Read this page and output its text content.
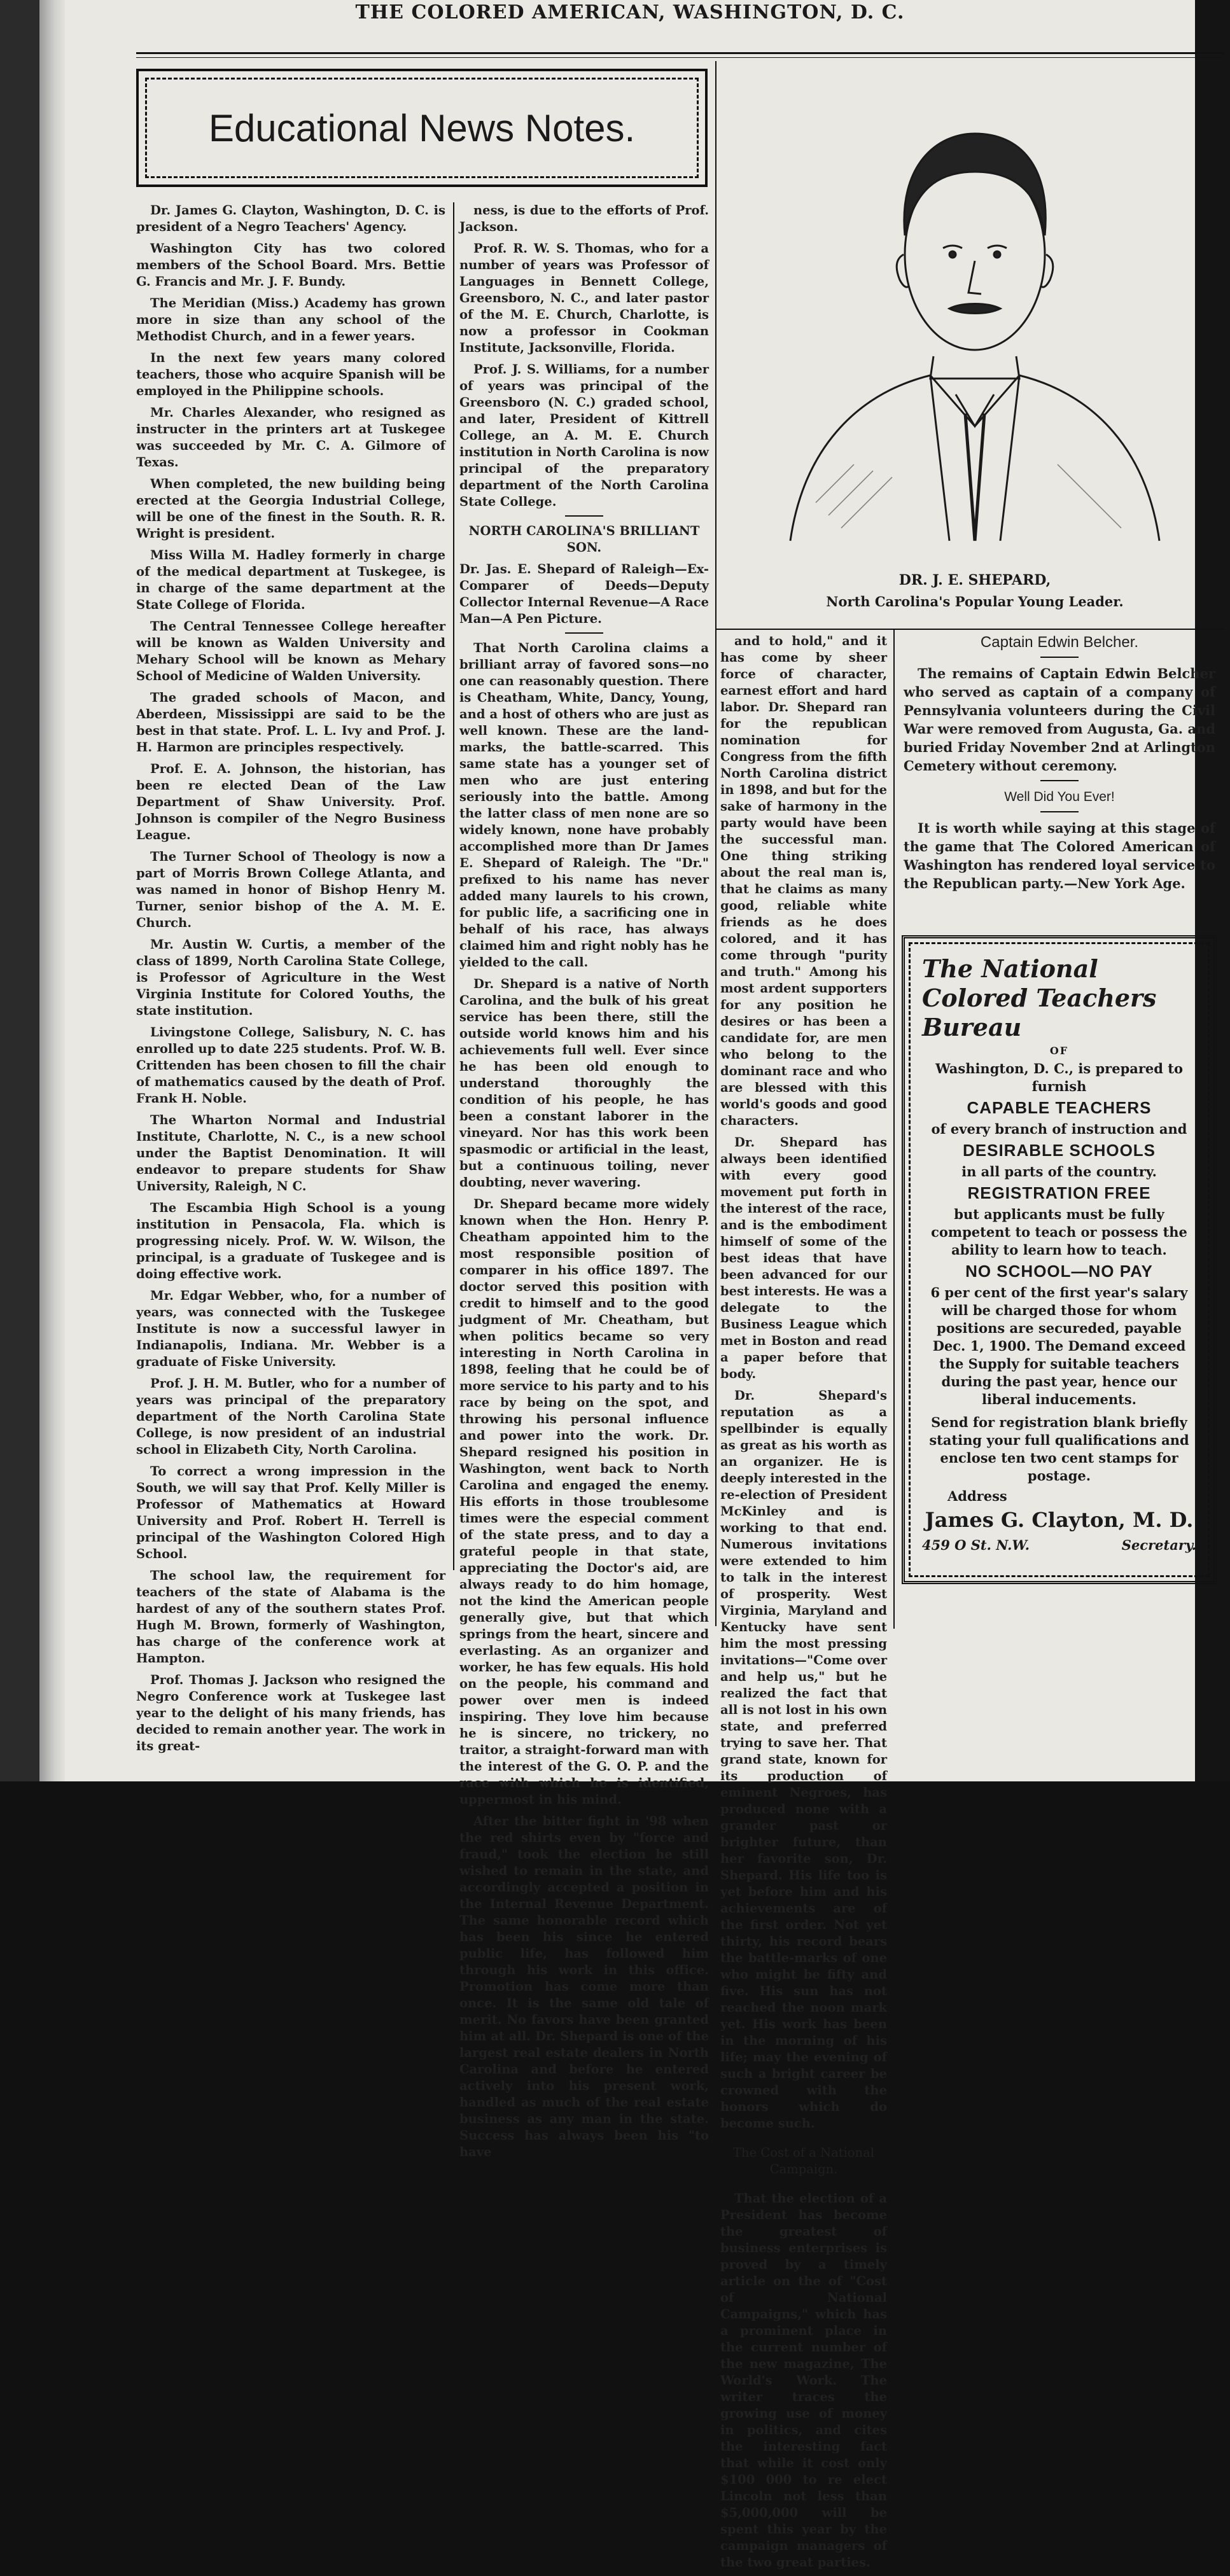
THE COLORED AMERICAN, WASHINGTON, D. C.
Educational News Notes.

Dr. James G. Clayton, Washington, D. C. is president of a Negro Teachers' Agency.

Washington City has two colored members of the School Board. Mrs. Bettie G. Francis and Mr. J. F. Bundy.

The Meridian (Miss.) Academy has grown more in size than any school of the Methodist Church, and in a fewer years.

In the next few years many colored teachers, those who acquire Spanish will be employed in the Philippine schools.

Mr. Charles Alexander, who resigned as instructer in the printers art at Tuskegee was succeeded by Mr. C. A. Gilmore of Texas.

When completed, the new building being erected at the Georgia Industrial College, will be one of the finest in the South. R. R. Wright is president.

Miss Willa M. Hadley formerly in charge of the medical department at Tuskegee, is in charge of the same department at the State College of Florida.

The Central Tennessee College hereafter will be known as Walden University and Mehary School will be known as Mehary School of Medicine of Walden University.

The graded schools of Macon, and Aberdeen, Mississippi are said to be the best in that state. Prof. L. L. Ivy and Prof. J. H. Harmon are principles respectively.

Prof. E. A. Johnson, the historian, has been re elected Dean of the Law Department of Shaw University. Prof. Johnson is compiler of the Negro Business League.

The Turner School of Theology is now a part of Morris Brown College Atlanta, and was named in honor of Bishop Henry M. Turner, senior bishop of the A. M. E. Church.

Mr. Austin W. Curtis, a member of the class of 1899, North Carolina State College, is Professor of Agriculture in the West Virginia Institute for Colored Youths, the state institution.

Livingstone College, Salisbury, N. C. has enrolled up to date 225 students. Prof. W. B. Crittenden has been chosen to fill the chair of mathematics caused by the death of Prof. Frank H. Noble.

The Wharton Normal and Industrial Institute, Charlotte, N. C., is a new school under the Baptist Denomination. It will endeavor to prepare students for Shaw University, Raleigh, N C.

The Escambia High School is a young institution in Pensacola, Fla. which is progressing nicely. Prof. W. W. Wilson, the principal, is a graduate of Tuskegee and is doing effective work.

Mr. Edgar Webber, who, for a number of years, was connected with the Tuskegee Institute is now a successful lawyer in Indianapolis, Indiana. Mr. Webber is a graduate of Fiske University.

Prof. J. H. M. Butler, who for a number of years was principal of the preparatory department of the North Carolina State College, is now president of an industrial school in Elizabeth City, North Carolina.

To correct a wrong impression in the South, we will say that Prof. Kelly Miller is Professor of Mathematics at Howard University and Prof. Robert H. Terrell is principal of the Washington Colored High School.

The school law, the requirement for teachers of the state of Alabama is the hardest of any of the southern states Prof. Hugh M. Brown, formerly of Washington, has charge of the conference work at Hampton.

Prof. Thomas J. Jackson who resigned the Negro Conference work at Tuskegee last year to the delight of his many friends, has decided to remain another year. The work in its great-

ness, is due to the efforts of Prof. Jackson.

Prof. R. W. S. Thomas, who for a number of years was Professor of Languages in Bennett College, Greensboro, N. C., and later pastor of the M. E. Church, Charlotte, is now a professor in Cookman Institute, Jacksonville, Florida.

Prof. J. S. Williams, for a number of years was principal of the Greensboro (N. C.) graded school, and later, President of Kittrell College, an A. M. E. Church institution in North Carolina is now principal of the preparatory department of the North Carolina State College.

NORTH CAROLINA'S BRILLIANT SON.

Dr. Jas. E. Shepard of Raleigh—Ex-Comparer of Deeds—Deputy Collector Internal Revenue—A Race Man—A Pen Picture.

That North Carolina claims a brilliant array of favored sons—no one can reasonably question. There is Cheatham, White, Dancy, Young, and a host of others who are just as well known. These are the land-marks, the battle-scarred. This same state has a younger set of men who are just entering seriously into the battle. Among the latter class of men none are so widely known, none have probably accomplished more than Dr James E. Shepard of Raleigh. The "Dr." prefixed to his name has never added many laurels to his crown, for public life, a sacrificing one in behalf of his race, has always claimed him and right nobly has he yielded to the call.

Dr. Shepard is a native of North Carolina, and the bulk of his great service has been there, still the outside world knows him and his achievements full well. Ever since he has been old enough to understand thoroughly the condition of his people, he has been a constant laborer in the vineyard. Nor has this work been spasmodic or artificial in the least, but a continuous toiling, never doubting, never wavering.

Dr. Shepard became more widely known when the Hon. Henry P. Cheatham appointed him to the most responsible position of comparer in his office 1897. The doctor served this position with credit to himself and to the good judgment of Mr. Cheatham, but when politics became so very interesting in North Carolina in 1898, feeling that he could be of more service to his party and to his race by being on the spot, and throwing his personal influence and power into the work. Dr. Shepard resigned his position in Washington, went back to North Carolina and engaged the enemy. His efforts in those troublesome times were the especial comment of the state press, and to day a grateful people in that state, appreciating the Doctor's aid, are always ready to do him homage, not the kind the American people generally give, but that which springs from the heart, sincere and everlasting. As an organizer and worker, he has few equals. His hold on the people, his command and power over men is indeed inspiring. They love him because he is sincere, no trickery, no traitor, a straight-forward man with the interest of the G. O. P. and the race with which he is identified, uppermost in his mind.

After the bitter fight in '98 when the red shirts even by "force and fraud," took the election he still wished to remain in the state, and accordingly accepted a position in the Internal Revenue Department. The same honorable record which has been his since he entered public life, has followed him through his work in this office. Promotion has come more than once. It is the same old tale of merit. No favors have been granted him at all. Dr. Shepard is one of the largest real estate dealers in North Carolina and before he entered actively into his present work, handled as much of the real estate business as any man in the state. Success has always been his "to have

DR. J. E. SHEPARD,
North Carolina's Popular Young Leader.

and to hold," and it has come by sheer force of character, earnest effort and hard labor. Dr. Shepard ran for the republican nomination for Congress from the fifth North Carolina district in 1898, and but for the sake of harmony in the party would have been the successful man. One thing striking about the real man is, that he claims as many good, reliable white friends as he does colored, and it has come through "purity and truth." Among his most ardent supporters for any position he desires or has been a candidate for, are men who belong to the dominant race and who are blessed with this world's goods and good characters.

Dr. Shepard has always been identified with every good movement put forth in the interest of the race, and is the embodiment himself of some of the best ideas that have been advanced for our best interests. He was a delegate to the Business League which met in Boston and read a paper before that body.

Dr. Shepard's reputation as a spellbinder is equally as great as his worth as an organizer. He is deeply interested in the re-election of President McKinley and is working to that end. Numerous invitations were extended to him to talk in the interest of prosperity. West Virginia, Maryland and Kentucky have sent him the most pressing invitations—"Come over and help us," but he realized the fact that all is not lost in his own state, and preferred trying to save her. That grand state, known for its production of eminent Negroes, has produced none with a grander past or brighter future, than her favorite son, Dr. Shepard. His life too is yet before him and his achievements are of the first order. Not yet thirty, his record bears the battle-marks of one who might be fifty and five. His sun has not reached the noon mark yet. His work has been in the morning of his life; may the evening of such a bright career be crowned with the honors which do become such.

The Cost of a National Campaign.

That the election of a President has become the greatest of business enterprises is proved by a timely article on the of "Cost of National Campaigns," which has a prominent place in the current number of the new magazine, The World's Work. The writer traces the growing use of money in politics, and cites the interesting fact that while it cost only $100 000 to re elect Lincoln not less than $5,000,000 will be spent this year by the campaign managers of the two great parties.

Captain Edwin Belcher.

The remains of Captain Edwin Belcher who served as captain of a company of Pennsylvania volunteers during the Civil War were removed from Augusta, Ga. and buried Friday November 2nd at Arlington Cemetery without ceremony.

Well Did You Ever!

It is worth while saying at this stage of the game that The Colored American of Washington has rendered loyal service to the Republican party.—New York Age.

The National Colored Teachers Bureau
OF
Washington, D. C., is prepared to furnish
CAPABLE TEACHERS
of every branch of instruction and
DESIRABLE SCHOOLS
in all parts of the country.
REGISTRATION FREE
but applicants must be fully competent to teach or possess the ability to learn how to teach.
NO SCHOOL—NO PAY
6 per cent of the first year's salary will be charged those for whom positions are secureded, payable Dec. 1, 1900. The Demand exceed the Supply for suitable teachers during the past year, hence our liberal inducements.
Send for registration blank briefly stating your full qualifications and enclose ten two cent stamps for postage.
Address
James G. Clayton, M. D.
459 O St. N.W.	Secretary.
